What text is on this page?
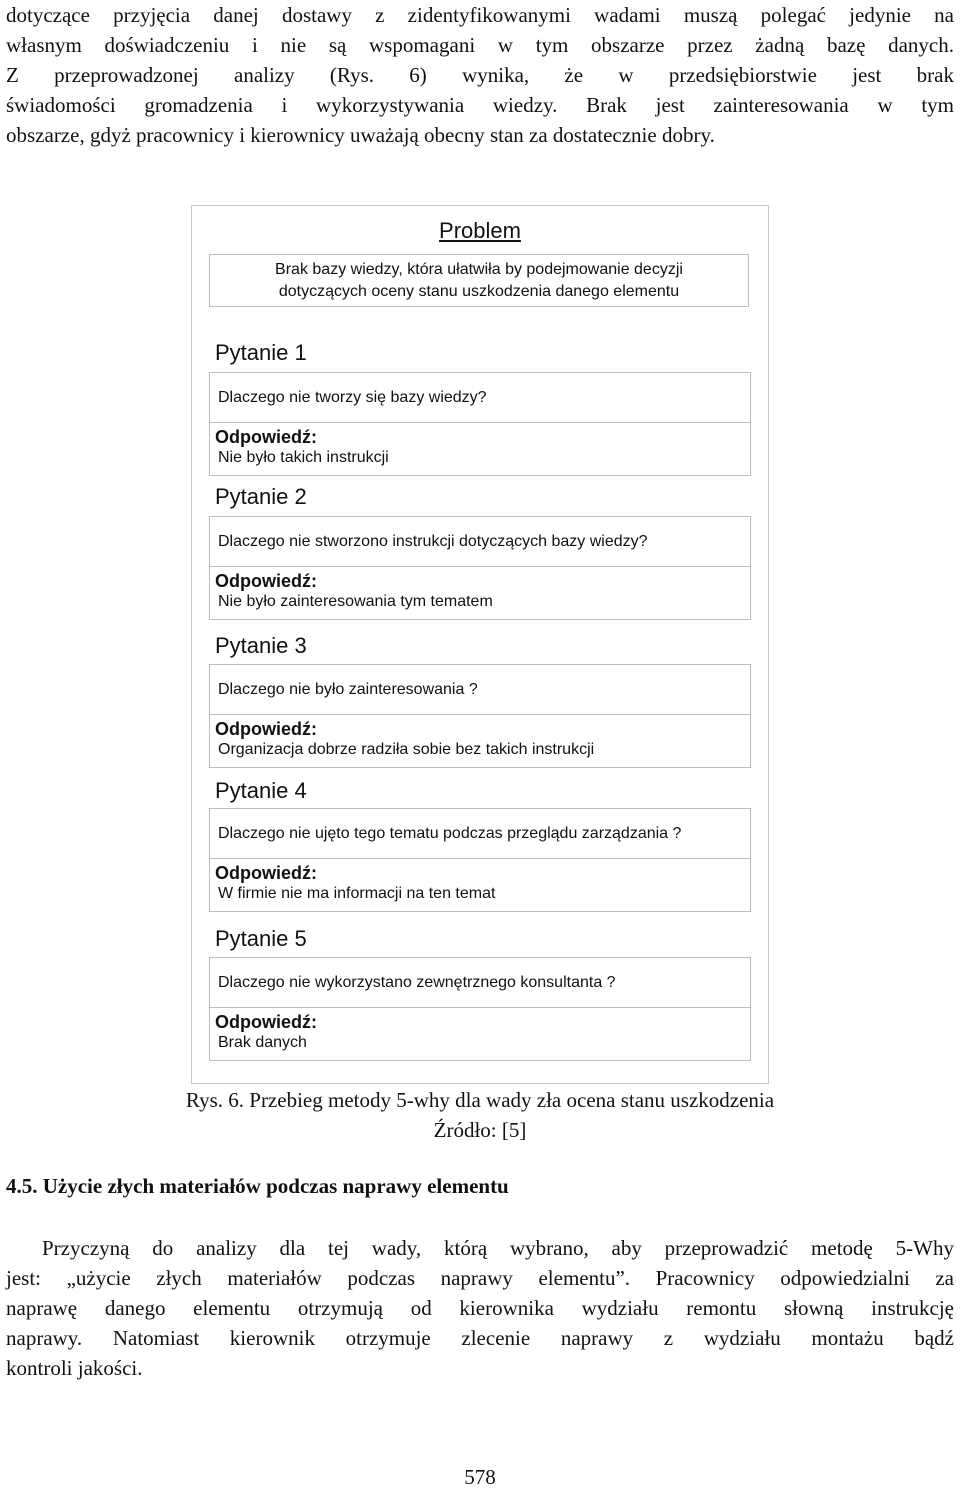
dotyczące przyjęcia danej dostawy z zidentyfikowanymi wadami muszą polegać jedynie na
własnym doświadczeniu i nie są wspomagani w tym obszarze przez żadną bazę danych.
Z przeprowadzonej analizy (Rys. 6) wynika, że w przedsiębiorstwie jest brak
świadomości gromadzenia i wykorzystywania wiedzy. Brak jest zainteresowania w tym
obszarze, gdyż pracownicy i kierownicy uważają obecny stan za dostatecznie dobry.
Problem
Brak bazy wiedzy, która ułatwiła by podejmowanie decyzji
dotyczących oceny stanu uszkodzenia danego elementu
Pytanie 1
Dlaczego nie tworzy się bazy wiedzy?
Odpowiedź:
Nie było takich instrukcji
Pytanie 2
Dlaczego nie stworzono instrukcji dotyczących bazy wiedzy?
Odpowiedź:
Nie było zainteresowania tym tematem
Pytanie 3
Dlaczego nie było zainteresowania ?
Odpowiedź:
Organizacja dobrze radziła sobie bez takich instrukcji
Pytanie 4
Dlaczego nie ujęto tego tematu podczas przeglądu zarządzania ?
Odpowiedź:
W firmie nie ma informacji na ten temat
Pytanie 5
Dlaczego nie wykorzystano zewnętrznego konsultanta ?
Odpowiedź:
Brak danych
Rys. 6. Przebieg metody 5-why dla wady zła ocena stanu uszkodzenia
Źródło: [5]
4.5. Użycie złych materiałów podczas naprawy elementu
Przyczyną do analizy dla tej wady, którą wybrano, aby przeprowadzić metodę 5-Why
jest: „użycie złych materiałów podczas naprawy elementu”. Pracownicy odpowiedzialni za
naprawę danego elementu otrzymują od kierownika wydziału remontu słowną instrukcję
naprawy. Natomiast kierownik otrzymuje zlecenie naprawy z wydziału montażu bądź
kontroli jakości.
578
